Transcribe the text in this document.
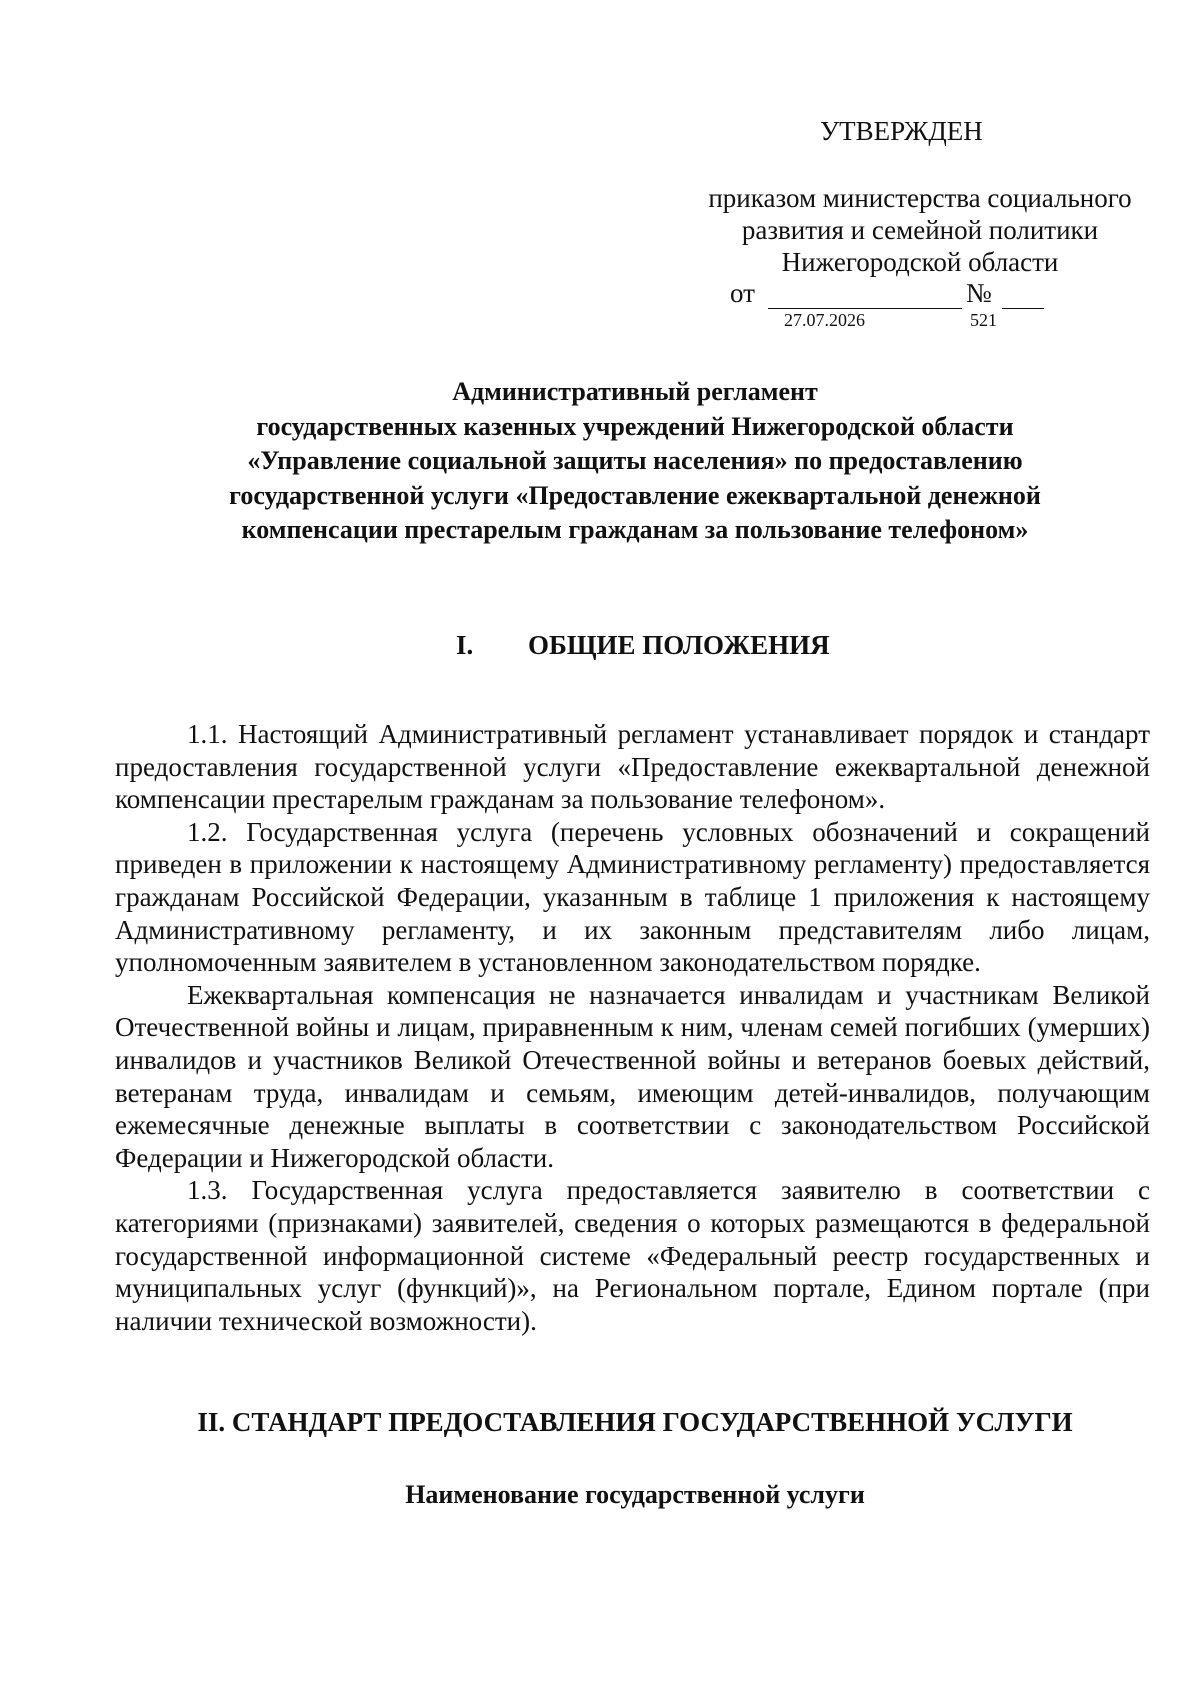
УТВЕРЖДЕН
приказом министерства социального
развития и семейной политики
Нижегородской области
от
27.07.2026
№
521
Административный регламент
государственных казенных учреждений Нижегородской области
«Управление социальной защиты населения» по предоставлению
государственной услуги «Предоставление ежеквартальной денежной
компенсации престарелым гражданам за пользование телефоном»
I. ОБЩИЕ ПОЛОЖЕНИЯ

1.1. Настоящий Административный регламент устанавливает порядок и стандарт предоставления государственной услуги «Предоставление ежеквартальной денежной компенсации престарелым гражданам за пользование телефоном».

1.2. Государственная услуга (перечень условных обозначений и сокращений приведен в приложении к настоящему Административному регламенту) предоставляется гражданам Российской Федерации, указанным в таблице 1 приложения к настоящему Административному регламенту, и их законным представителям либо лицам, уполномоченным заявителем в установленном законодательством порядке.

Ежеквартальная компенсация не назначается инвалидам и участникам Великой Отечественной войны и лицам, приравненным к ним, членам семей погибших (умерших) инвалидов и участников Великой Отечественной войны и ветеранов боевых действий, ветеранам труда, инвалидам и семьям, имеющим детей-инвалидов, получающим ежемесячные денежные выплаты в соответствии с законодательством Российской Федерации и Нижегородской области.

1.3. Государственная услуга предоставляется заявителю в соответствии с категориями (признаками) заявителей, сведения о которых размещаются в федеральной государственной информационной системе «Федеральный реестр государственных и муниципальных услуг (функций)», на Региональном портале, Едином портале (при наличии технической возможности).

II. СТАНДАРТ ПРЕДОСТАВЛЕНИЯ ГОСУДАРСТВЕННОЙ УСЛУГИ
Наименование государственной услуги
